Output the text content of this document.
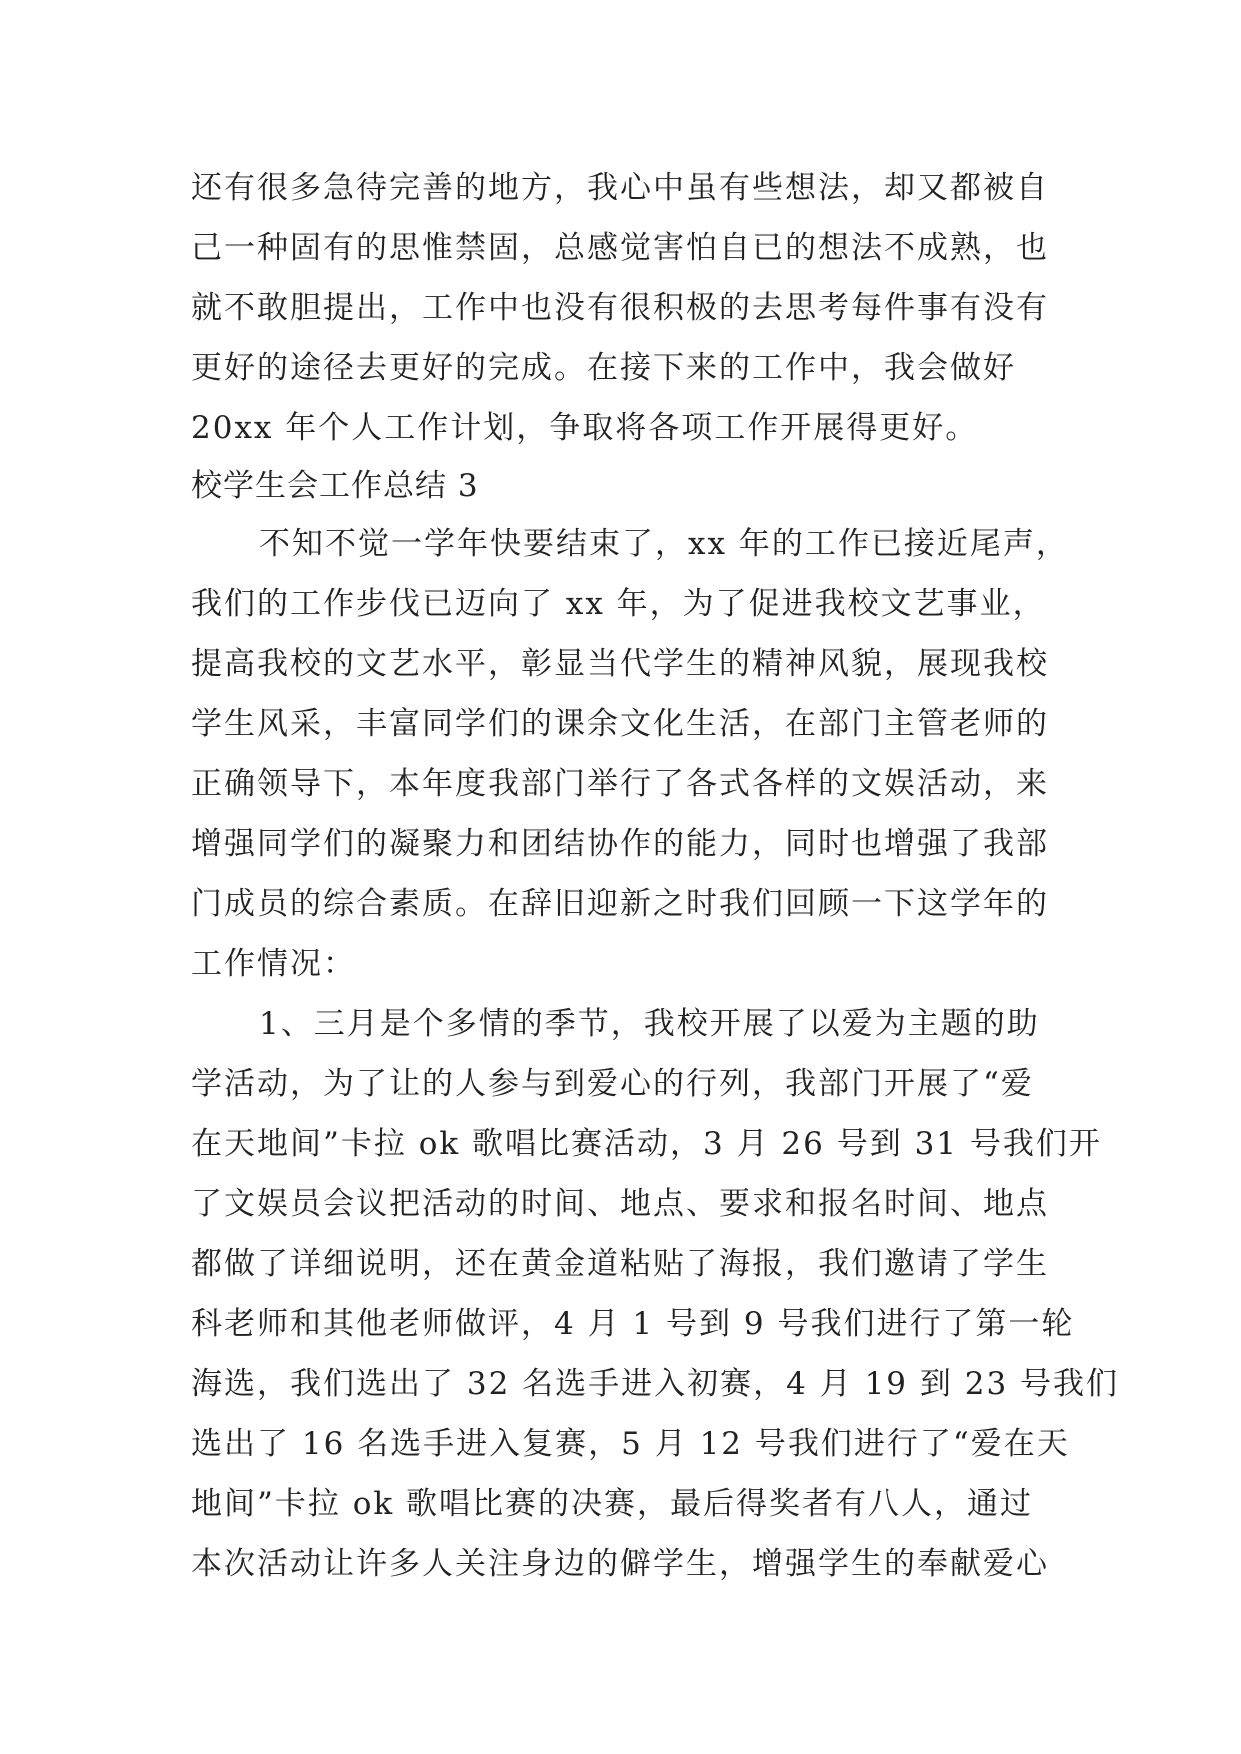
还有很多急待完善的地方，我心中虽有些想法，却又都被自
己一种固有的思惟禁固，总感觉害怕自已的想法不成熟，也
就不敢胆提出，工作中也没有很积极的去思考每件事有没有
更好的途径去更好的完成。在接下来的工作中，我会做好
20xx 年个人工作计划，争取将各项工作开展得更好。
校学生会工作总结 3
不知不觉一学年快要结束了，xx 年的工作已接近尾声，
我们的工作步伐已迈向了 xx 年，为了促进我校文艺事业，
提高我校的文艺水平，彰显当代学生的精神风貌，展现我校
学生风采，丰富同学们的课余文化生活，在部门主管老师的
正确领导下，本年度我部门举行了各式各样的文娱活动，来
增强同学们的凝聚力和团结协作的能力，同时也增强了我部
门成员的综合素质。在辞旧迎新之时我们回顾一下这学年的
工作情况：
1、三月是个多情的季节，我校开展了以爱为主题的助
学活动，为了让的人参与到爱心的行列，我部门开展了“爱
在天地间”卡拉 ok 歌唱比赛活动，3 月 26 号到 31 号我们开
了文娱员会议把活动的时间、地点、要求和报名时间、地点
都做了详细说明，还在黄金道粘贴了海报，我们邀请了学生
科老师和其他老师做评，4 月 1 号到 9 号我们进行了第一轮
海选，我们选出了 32 名选手进入初赛，4 月 19 到 23 号我们
选出了 16 名选手进入复赛，5 月 12 号我们进行了“爱在天
地间”卡拉 ok 歌唱比赛的决赛，最后得奖者有八人，通过
本次活动让许多人关注身边的僻学生，增强学生的奉献爱心
